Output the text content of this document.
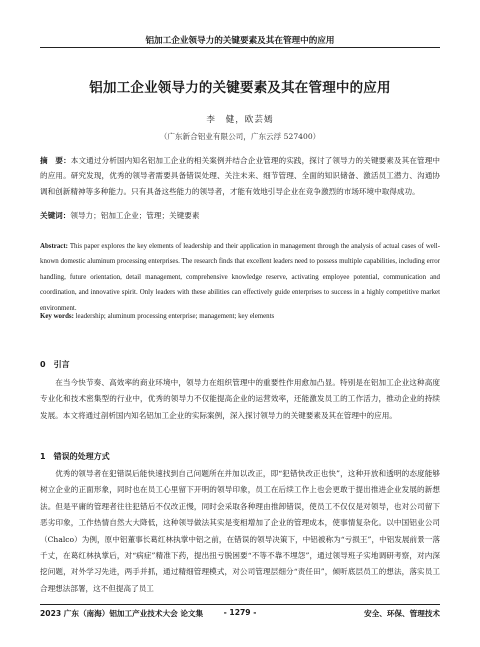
铝加工企业领导力的关键要素及其在管理中的应用
铝加工企业领导力的关键要素及其在管理中的应用
李　健，欧芸嫣
（广东新合铝业有限公司，广东云浮 527400）
摘　要：本文通过分析国内知名铝加工企业的相关案例并结合企业管理的实践，探讨了领导力的关键要素及其在管理中的应用。研究发现，优秀的领导者需要具备错误处理、关注未来、细节管理、全面的知识储备、激活员工潜力、沟通协调和创新精神等多种能力。只有具备这些能力的领导者，才能有效地引导企业在竞争激烈的市场环境中取得成功。
关键词：领导力；铝加工企业；管理；关键要素
Abstract: This paper explores the key elements of leadership and their application in management through the analysis of actual cases of well-known domestic aluminum processing enterprises. The research finds that excellent leaders need to possess multiple capabilities, including error handling, future orientation, detail management, comprehensive knowledge reserve, activating employee potential, communication and coordination, and innovative spirit. Only leaders with these abilities can effectively guide enterprises to success in a highly competitive market environment.
Key words: leadership; aluminum processing enterprise; management; key elements
0　引言
在当今快节奏、高效率的商业环境中，领导力在组织管理中的重要性作用愈加凸显。特别是在铝加工企业这种高度专业化和技术密集型的行业中，优秀的领导力不仅能提高企业的运营效率，还能激发员工的工作活力，推动企业的持续发展。本文将通过剖析国内知名铝加工企业的实际案例，深入探讨领导力的关键要素及其在管理中的应用。
1　错误的处理方式
优秀的领导者在犯错误后能快速找到自己问题所在并加以改正，即“犯错快改正也快”，这种开放和透明的态度能够树立企业的正面形象，同时也在员工心里留下开明的领导印象，员工在后续工作上也会更敢于提出推进企业发展的新想法。但是平庸的管理者往往犯错后不仅改正慢，同时会采取各种理由推卸错误，使员工不仅仅是对领导，也对公司留下恶劣印象，工作热情自然大大降低，这种领导做法其实是变相增加了企业的管理成本，使事情复杂化。以中国铝业公司（Chalco）为例，原中铝董事长葛红林执掌中铝之前，在错误的领导决策下，中铝被称为“亏损王”，中铝发展前景一落千丈，在葛红林执掌后，对“病症”精准下药，提出扭亏脱困要“不等不靠不埋怨”，通过领导班子实地调研考察，对内深挖问题，对外学习先进，两手并抓，通过精细管理模式，对公司管理层细分“责任田”，倾听底层员工的想法，落实员工合理想法部署，这不但提高了员工
2023 广东（南海）铝加工产业技术大会 论文集	- 1279 -	安全、环保、管理技术
